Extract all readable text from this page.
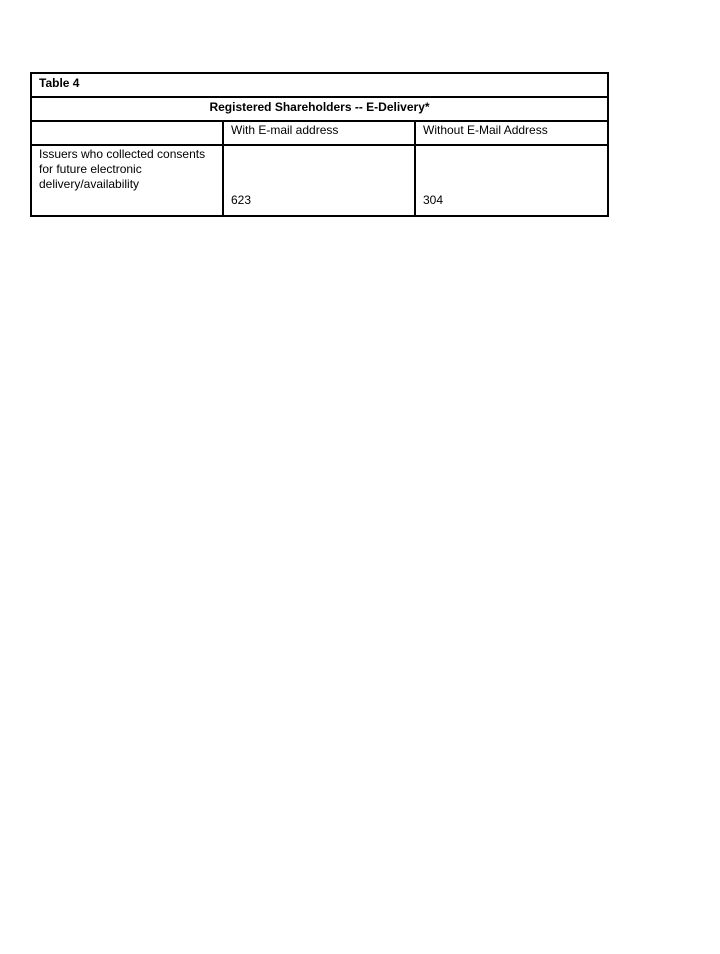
Table 4		
Registered Shareholders -- E-Delivery*		
	With E-mail address	Without E-Mail Address
Issuers who collected consents for future electronic delivery/availability	623	304
